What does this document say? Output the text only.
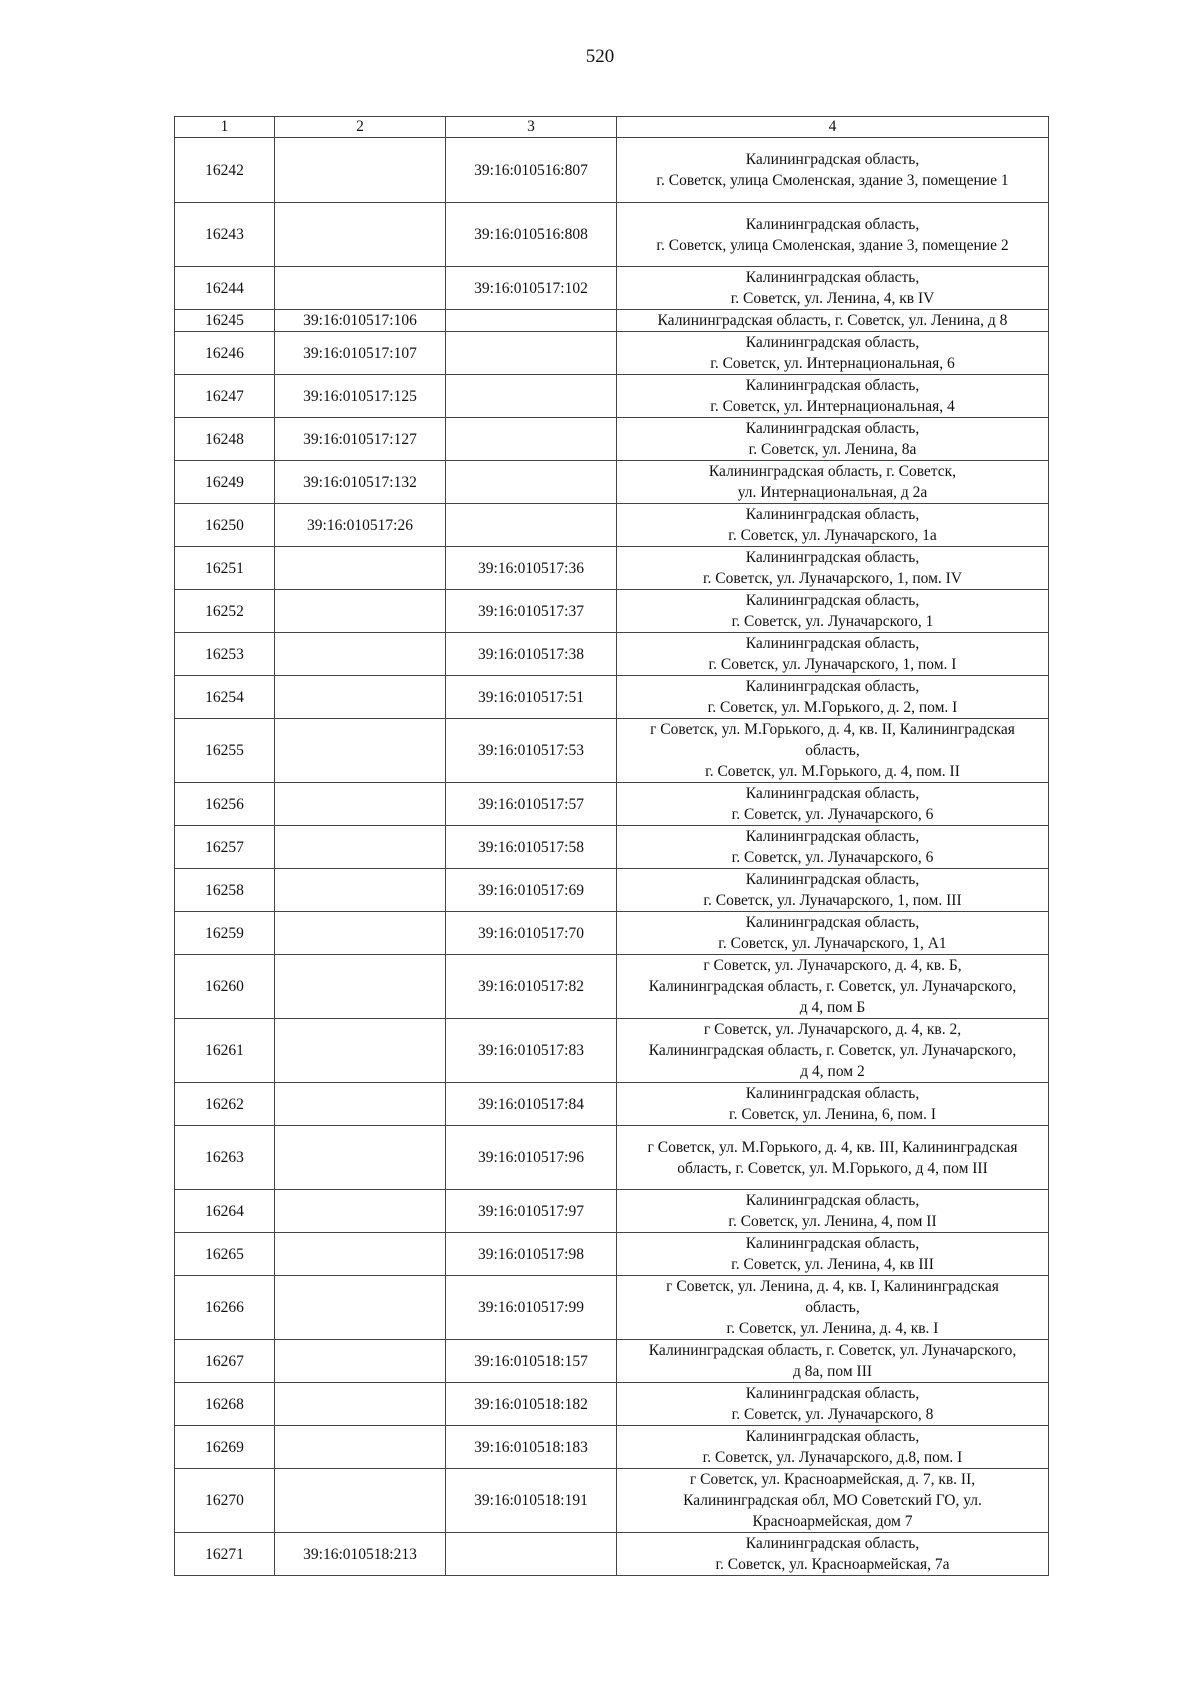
520
1	2	3	4
16242		39:16:010516:807	Калининградская область,
г. Советск, улица Смоленская, здание 3, помещение 1
16243		39:16:010516:808	Калининградская область,
г. Советск, улица Смоленская, здание 3, помещение 2
16244		39:16:010517:102	Калининградская область,
г. Советск, ул. Ленина, 4, кв IV
16245	39:16:010517:106		Калининградская область, г. Советск, ул. Ленина, д 8
16246	39:16:010517:107		Калининградская область,
г. Советск, ул. Интернациональная, 6
16247	39:16:010517:125		Калининградская область,
г. Советск, ул. Интернациональная, 4
16248	39:16:010517:127		Калининградская область,
г. Советск, ул. Ленина, 8а
16249	39:16:010517:132		Калининградская область, г. Советск,
ул. Интернациональная, д 2а
16250	39:16:010517:26		Калининградская область,
г. Советск, ул. Луначарского, 1а
16251		39:16:010517:36	Калининградская область,
г. Советск, ул. Луначарского, 1, пом. IV
16252		39:16:010517:37	Калининградская область,
г. Советск, ул. Луначарского, 1
16253		39:16:010517:38	Калининградская область,
г. Советск, ул. Луначарского, 1, пом. I
16254		39:16:010517:51	Калининградская область,
г. Советск, ул. М.Горького, д. 2, пом. I
16255		39:16:010517:53	г Советск, ул. М.Горького, д. 4, кв. II, Калининградская
область,
г. Советск, ул. М.Горького, д. 4, пом. II
16256		39:16:010517:57	Калининградская область,
г. Советск, ул. Луначарского, 6
16257		39:16:010517:58	Калининградская область,
г. Советск, ул. Луначарского, 6
16258		39:16:010517:69	Калининградская область,
г. Советск, ул. Луначарского, 1, пом. III
16259		39:16:010517:70	Калининградская область,
г. Советск, ул. Луначарского, 1, А1
16260		39:16:010517:82	г Советск, ул. Луначарского, д. 4, кв. Б,
Калининградская область, г. Советск, ул. Луначарского,
д 4, пом Б
16261		39:16:010517:83	г Советск, ул. Луначарского, д. 4, кв. 2,
Калининградская область, г. Советск, ул. Луначарского,
д 4, пом 2
16262		39:16:010517:84	Калининградская область,
г. Советск, ул. Ленина, 6, пом. I
16263		39:16:010517:96	г Советск, ул. М.Горького, д. 4, кв. III, Калининградская
область, г. Советск, ул. М.Горького, д 4, пом III
16264		39:16:010517:97	Калининградская область,
г. Советск, ул. Ленина, 4, пом II
16265		39:16:010517:98	Калининградская область,
г. Советск, ул. Ленина, 4, кв III
16266		39:16:010517:99	г Советск, ул. Ленина, д. 4, кв. I, Калининградская
область,
г. Советск, ул. Ленина, д. 4, кв. I
16267		39:16:010518:157	Калининградская область, г. Советск, ул. Луначарского,
д 8а, пом III
16268		39:16:010518:182	Калининградская область,
г. Советск, ул. Луначарского, 8
16269		39:16:010518:183	Калининградская область,
г. Советск, ул. Луначарского, д.8, пом. I
16270		39:16:010518:191	г Советск, ул. Красноармейская, д. 7, кв. II,
Калининградская обл, МО Советский ГО, ул.
Красноармейская, дом 7
16271	39:16:010518:213		Калининградская область,
г. Советск, ул. Красноармейская, 7а
